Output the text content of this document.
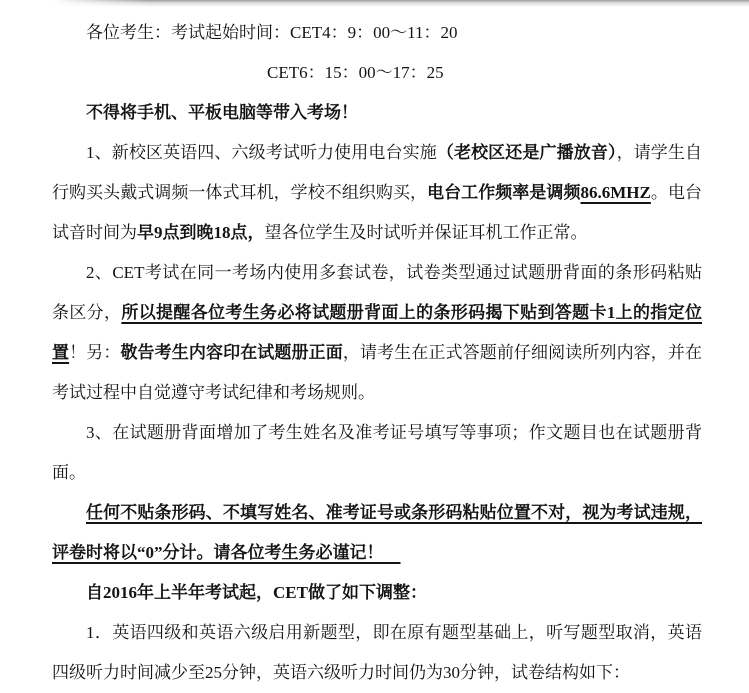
各位考生：考试起始时间：CET4：9：00～11：20

CET6：15：00～17：25

不得将手机、平板电脑等带入考场！

1、新校区英语四、六级考试听力使用电台实施（老校区还是广播放音），请学生自行购买头戴式调频一体式耳机，学校不组织购买，电台工作频率是调频86.6MHZ。电台试音时间为早9点到晚18点，望各位学生及时试听并保证耳机工作正常。

2、CET考试在同一考场内使用多套试卷，试卷类型通过试题册背面的条形码粘贴条区分，所以提醒各位考生务必将试题册背面上的条形码揭下贴到答题卡1上的指定位置！另：敬告考生内容印在试题册正面，请考生在正式答题前仔细阅读所列内容，并在考试过程中自觉遵守考试纪律和考场规则。

3、在试题册背面增加了考生姓名及准考证号填写等事项；作文题目也在试题册背面。

任何不贴条形码、不填写姓名、准考证号或条形码粘贴位置不对，视为考试违规，评卷时将以“0”分计。请各位考生务必谨记！　

自2016年上半年考试起，CET做了如下调整：

1．英语四级和英语六级启用新题型，即在原有题型基础上，听写题型取消，英语四级听力时间减少至25分钟，英语六级听力时间仍为30分钟，试卷结构如下：
